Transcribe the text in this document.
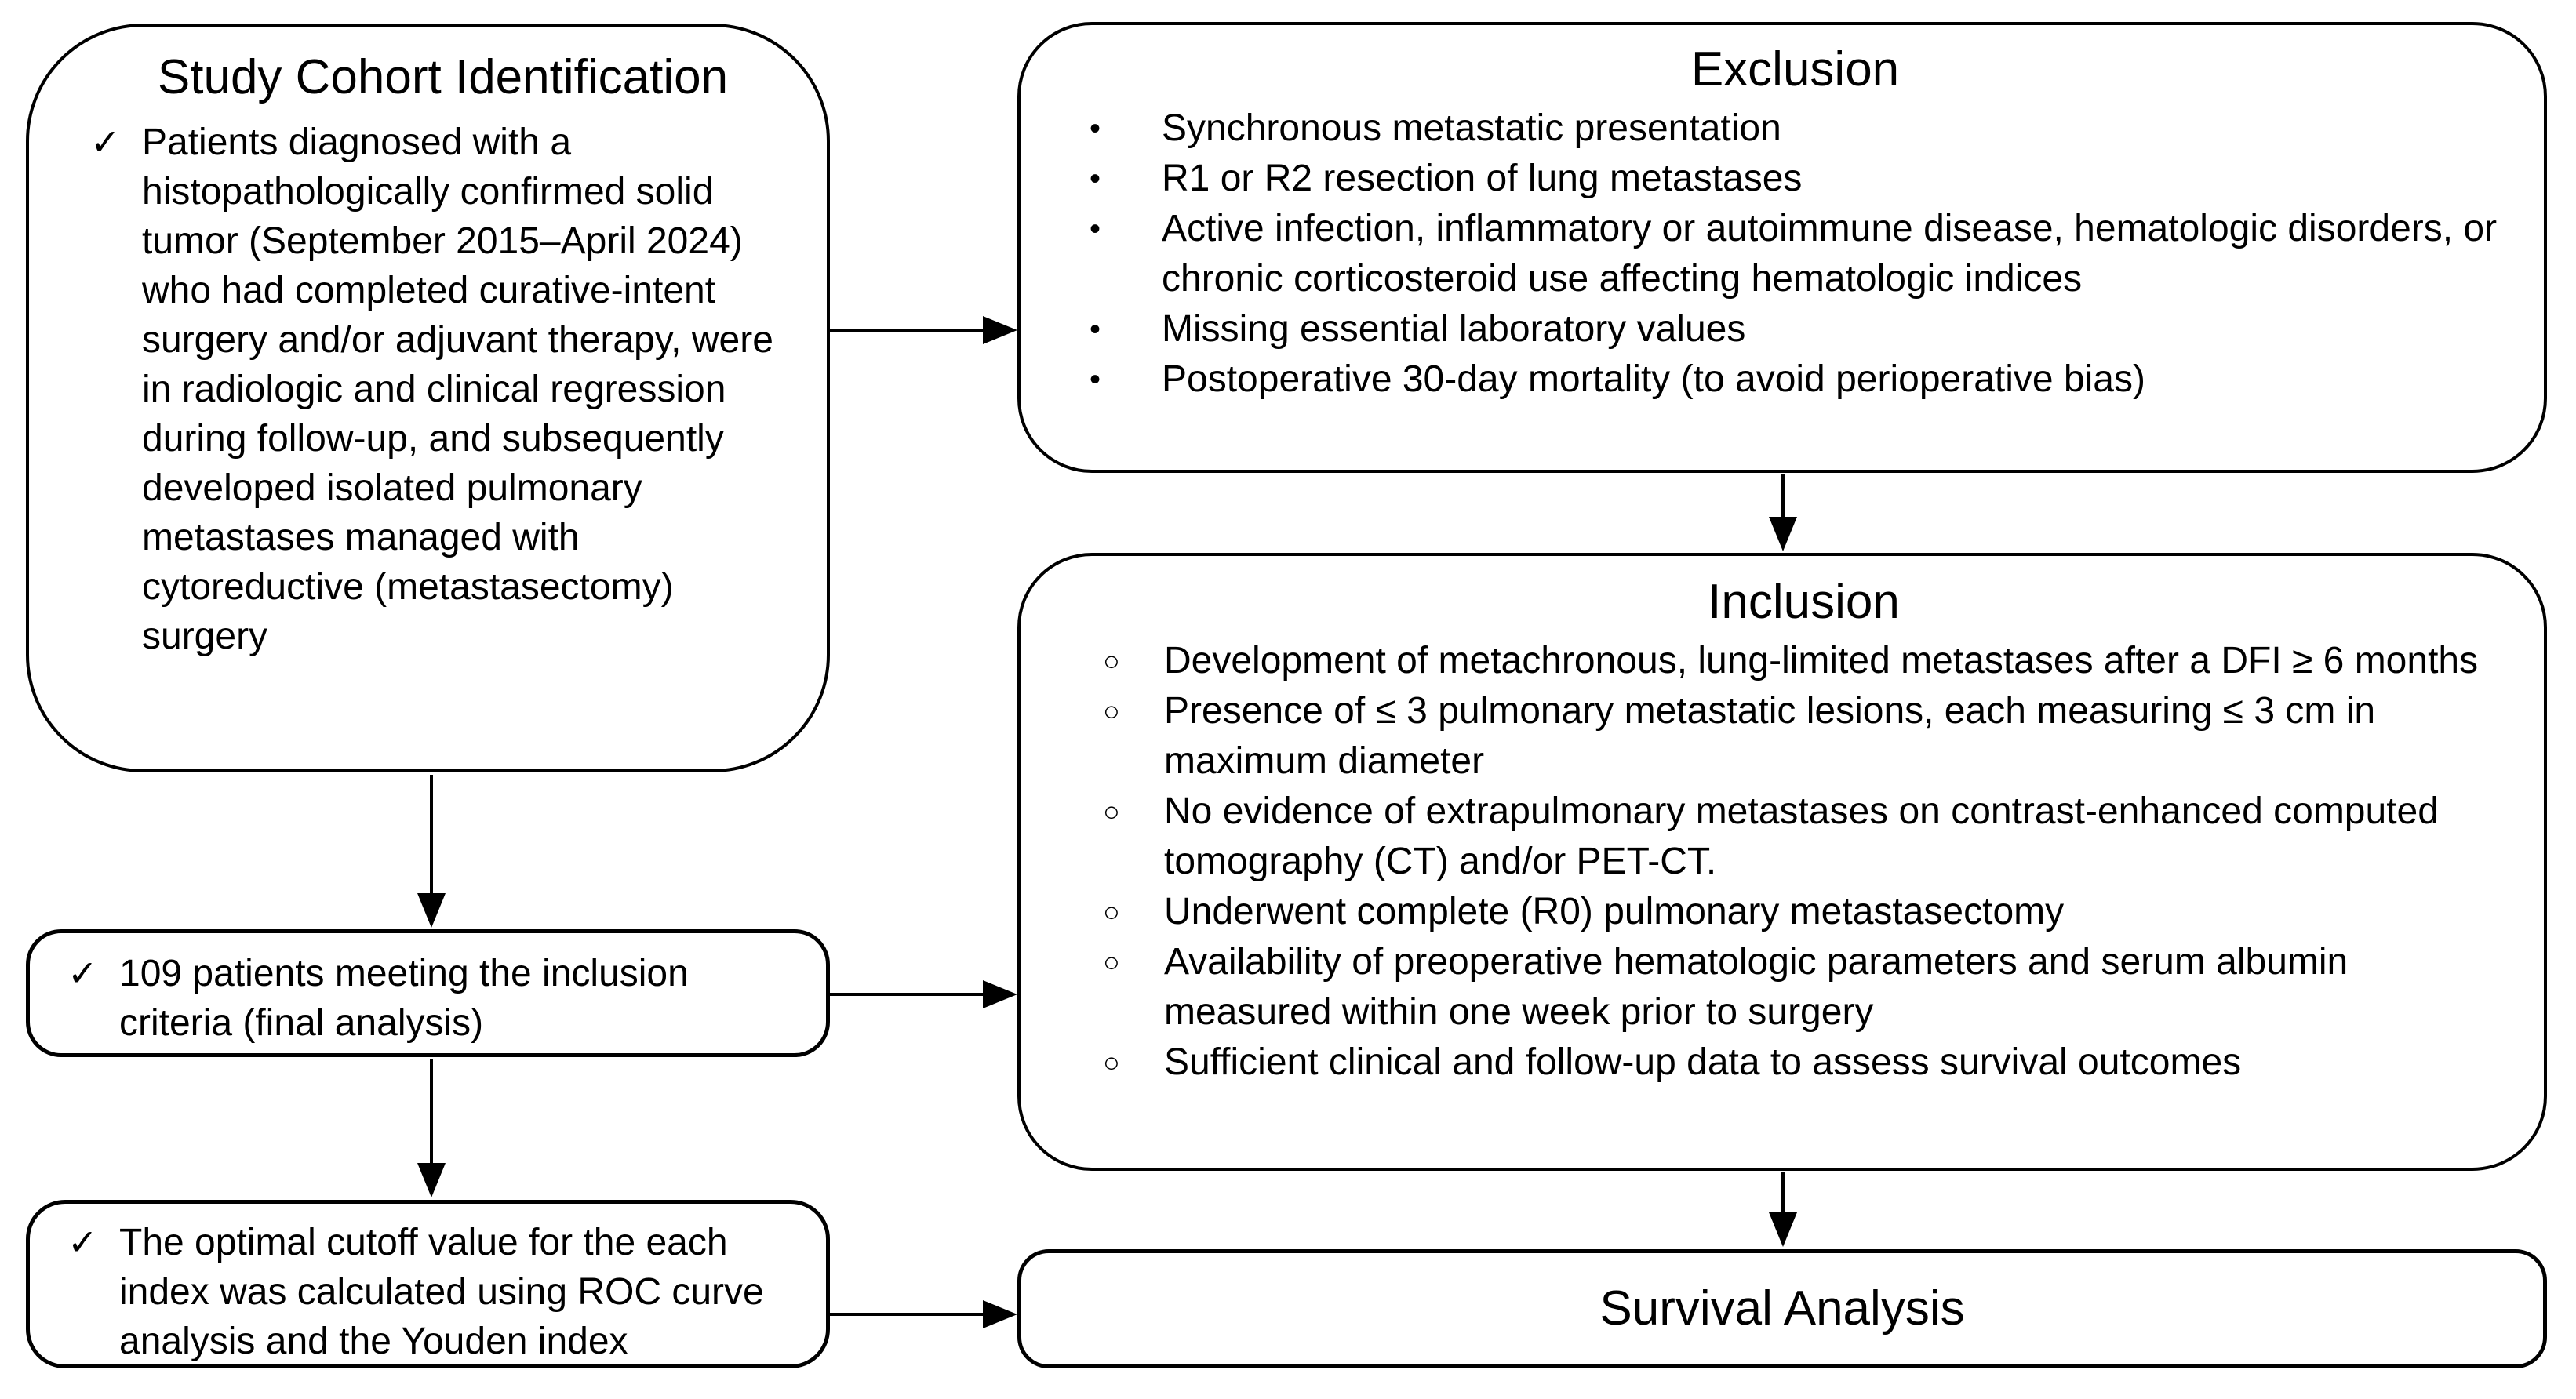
Study Cohort Identification
✓ Patients diagnosed with a histopathologically confirmed solid tumor (September 2015–April 2024) who had completed curative-intent surgery and/or adjuvant therapy, were in radiologic and clinical regression during follow-up, and subsequently developed isolated pulmonary metastases managed with cytoreductive (metastasectomy) surgery
Exclusion
•	Synchronous metastatic presentation
•	R1 or R2 resection of lung metastases
•	Active infection, inflammatory or autoimmune disease, hematologic disorders, or chronic corticosteroid use affecting hematologic indices
•	Missing essential laboratory values
•	Postoperative 30-day mortality (to avoid perioperative bias)
Inclusion
○	Development of metachronous, lung-limited metastases after a DFI ≥ 6 months
○	Presence of ≤ 3 pulmonary metastatic lesions, each measuring ≤ 3 cm in maximum diameter
○	No evidence of extrapulmonary metastases on contrast-enhanced computed tomography (CT) and/or PET-CT.
○	Underwent complete (R0) pulmonary metastasectomy
○	Availability of preoperative hematologic parameters and serum albumin measured within one week prior to surgery
○	Sufficient clinical and follow-up data to assess survival outcomes
✓ 109 patients meeting the inclusion criteria (final analysis)
✓ The optimal cutoff value for the each index was calculated using ROC curve analysis and the Youden index
Survival Analysis
